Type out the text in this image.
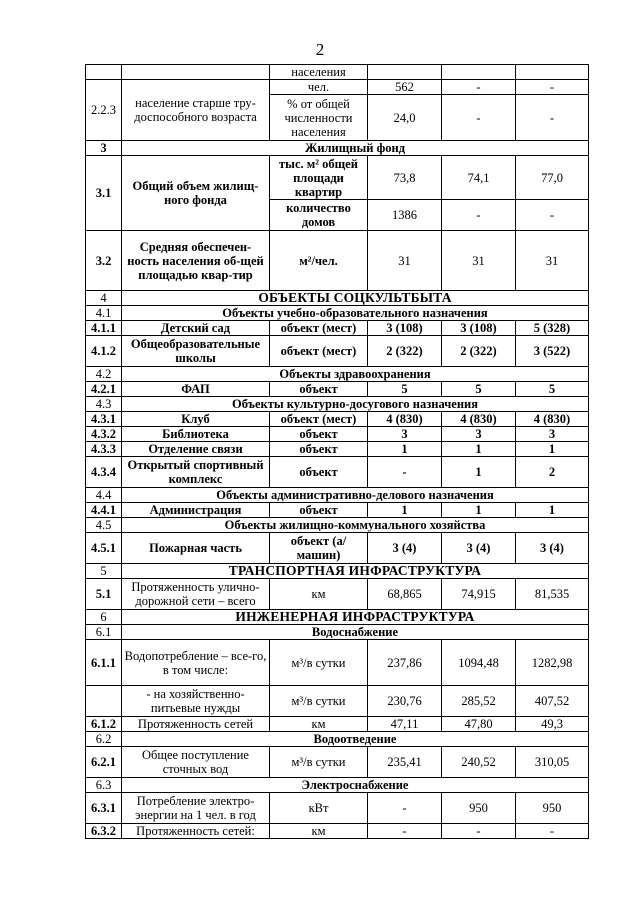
2
		населения			
2.2.3	население старше тру-доспособного возраста	чел.	562	-	-
		% от общей численности населения	24,0	-	-
3	Жилищный фонд				
3.1	Общий объем жилищ-ного фонда	тыс. м² общей площади квартир	73,8	74,1	77,0
		количество домов	1386	-	-
3.2	Средняя обеспечен-ность населения об-щей площадью квар-тир	м²/чел.	31	31	31
4	ОБЪЕКТЫ СОЦКУЛЬТБЫТА				
4.1	Объекты учебно-образовательного назначения				
4.1.1	Детский сад	объект (мест)	3 (108)	3 (108)	5 (328)
4.1.2	Общеобразовательные школы	объект (мест)	2 (322)	2 (322)	3 (522)
4.2	Объекты здравоохранения				
4.2.1	ФАП	объект	5	5	5
4.3	Объекты культурно-досугового назначения				
4.3.1	Клуб	объект (мест)	4 (830)	4 (830)	4 (830)
4.3.2	Библиотека	объект	3	3	3
4.3.3	Отделение связи	объект	1	1	1
4.3.4	Открытый спортивный комплекс	объект	-	1	2
4.4	Объекты административно-делового назначения				
4.4.1	Администрация	объект	1	1	1
4.5	Объекты жилищно-коммунального хозяйства				
4.5.1	Пожарная часть	объект (а/машин)	3 (4)	3 (4)	3 (4)
5	ТРАНСПОРТНАЯ ИНФРАСТРУКТУРА				
5.1	Протяженность улично-дорожной сети – всего	км	68,865	74,915	81,535
6	ИНЖЕНЕРНАЯ ИНФРАСТРУКТУРА				
6.1	Водоснабжение				
6.1.1	Водопотребление – все-го, в том числе:	м³/в сутки	237,86	1094,48	1282,98
	- на хозяйственно-питьевые нужды	м³/в сутки	230,76	285,52	407,52
6.1.2	Протяженность сетей	км	47,11	47,80	49,3
6.2	Водоотведение				
6.2.1	Общее поступление сточных вод	м³/в сутки	235,41	240,52	310,05
6.3	Электроснабжение				
6.3.1	Потребление электро-энергии на 1 чел. в год	кВт	-	950	950
6.3.2	Протяженность сетей:	км	-	-	-
